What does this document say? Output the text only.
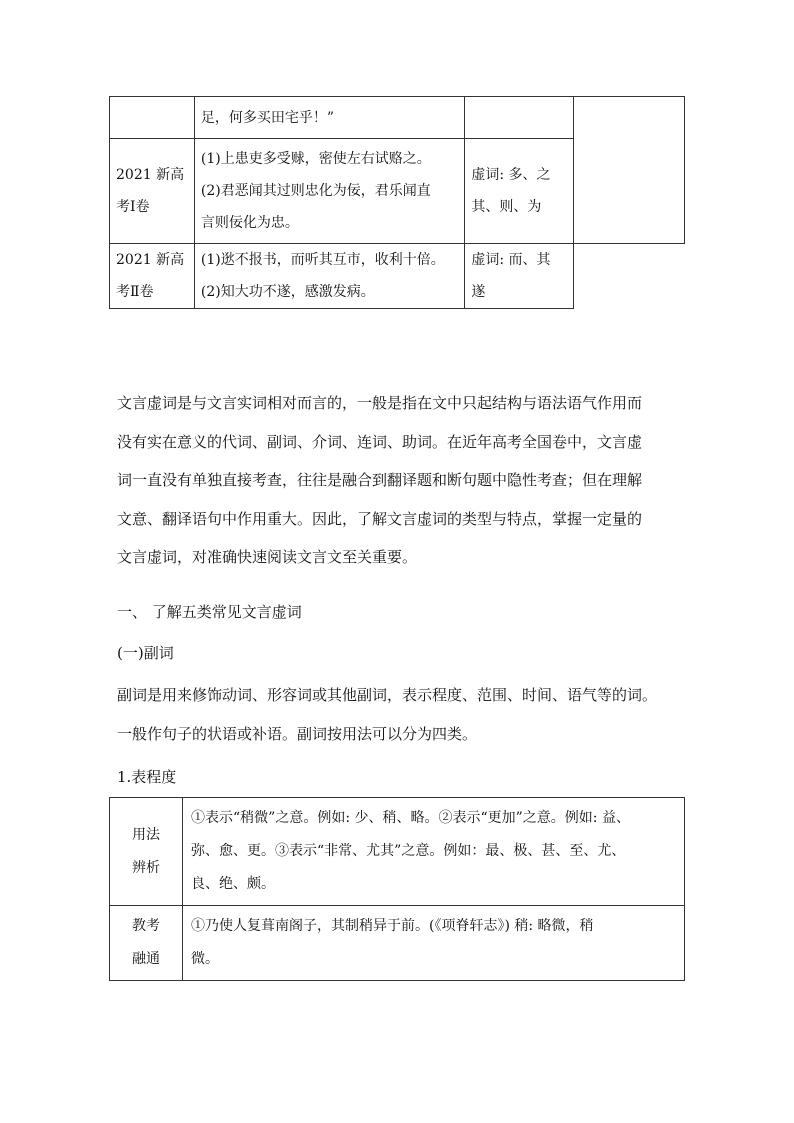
	足，何多买田宅乎！”		

2021 新高
考Ⅰ卷	(1)上患吏多受赇，密使左右试赂之。
(2)君恶闻其过则忠化为佞，君乐闻直
言则佞化为忠。	虚词: 多、之
其、则、为	

2021 新高
考Ⅱ卷	(1)逖不报书，而听其互市，收利十倍。
(2)知大功不遂，感激发病。	虚词: 而、其
遂	

文言虚词是与文言实词相对而言的，一般是指在文中只起结构与语法语气作用而
没有实在意义的代词、副词、介词、连词、助词。在近年高考全国卷中，文言虚
词一直没有单独直接考查，往往是融合到翻译题和断句题中隐性考查；但在理解
文意、翻译语句中作用重大。因此，了解文言虚词的类型与特点，掌握一定量的
文言虚词，对准确快速阅读文言文至关重要。
一、 了解五类常见文言虚词
(一)副词
副词是用来修饰动词、形容词或其他副词，表示程度、范围、时间、语气等的词。
一般作句子的状语或补语。副词按用法可以分为四类。
1.表程度
用法
辨析	①表示“稍微”之意。例如: 少、稍、略。②表示“更加”之意。例如: 益、
弥、愈、更。③表示“非常、尤其”之意。例如：最、极、甚、至、尤、
良、绝、颇。

教考
融通	①乃使人复葺南阁子，其制稍异于前。(《项脊轩志》) 稍: 略微，稍
微。
